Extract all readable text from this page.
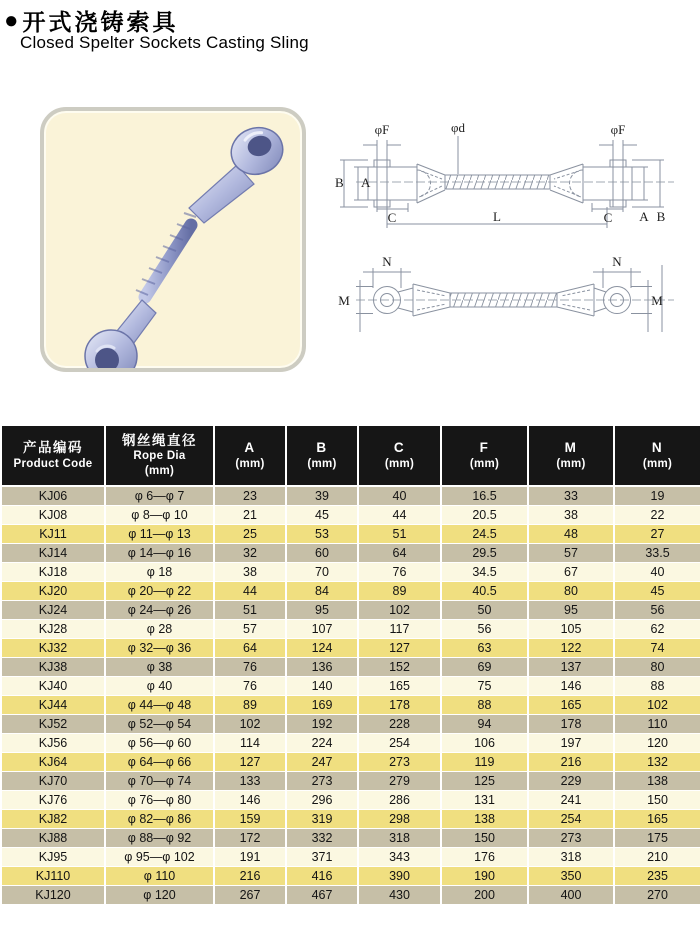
● 开式浇铸索具
Closed Spelter Sockets Casting Sling
φF	φd	φF
B A
C	L	C A B
N	N
M	M
产品编码
Product Code

钢丝绳直径
Rope Dia
(mm)

A
(mm)

B
(mm)

C
(mm)

F
(mm)

M
(mm)

N
(mm)

KJ06	φ 6—φ 7	23	39	40	16.5	33	19
KJ08	φ 8—φ 10	21	45	44	20.5	38	22
KJ11	φ 11—φ 13	25	53	51	24.5	48	27
KJ14	φ 14—φ 16	32	60	64	29.5	57	33.5
KJ18	φ 18	38	70	76	34.5	67	40
KJ20	φ 20—φ 22	44	84	89	40.5	80	45
KJ24	φ 24—φ 26	51	95	102	50	95	56
KJ28	φ 28	57	107	117	56	105	62
KJ32	φ 32—φ 36	64	124	127	63	122	74
KJ38	φ 38	76	136	152	69	137	80
KJ40	φ 40	76	140	165	75	146	88
KJ44	φ 44—φ 48	89	169	178	88	165	102
KJ52	φ 52—φ 54	102	192	228	94	178	110
KJ56	φ 56—φ 60	114	224	254	106	197	120
KJ64	φ 64—φ 66	127	247	273	119	216	132
KJ70	φ 70—φ 74	133	273	279	125	229	138
KJ76	φ 76—φ 80	146	296	286	131	241	150
KJ82	φ 82—φ 86	159	319	298	138	254	165
KJ88	φ 88—φ 92	172	332	318	150	273	175
KJ95	φ 95—φ 102	191	371	343	176	318	210
KJ110	φ 110	216	416	390	190	350	235
KJ120	φ 120	267	467	430	200	400	270
